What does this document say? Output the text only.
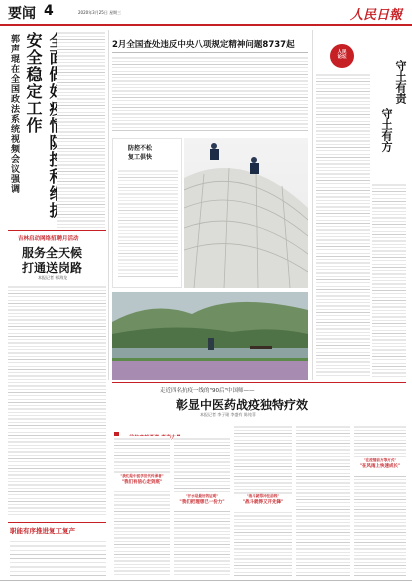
要闻 4	2020年3月25日 星期三	人民日報
郭声琨在全国政法系统视频会议强调 安全稳定工作
吉林启动网络招聘月活动
服务全天候
打通送岗路
本报记者 祁海龙
职能有序推进复工复产
2月全国查处违反中央八项规定精神问题8737起
防控不松
复工俱快
人民
论坛
守土有责
守土有方
走近四名抗疫一线的"90后"中国师——
彰显中医药战疫独特疗效
本报记者 李子勋 李盛有 陈纯菲
"我们是中医学世代传承者"
"我们有信心走到底"
"汗水是最好的证明"
"我们把理想已一份力"
"战斗就得冲往前线"
"战斗就得又开先锋"
"在疫情前方等方式"
"在风雨上快速成长"
